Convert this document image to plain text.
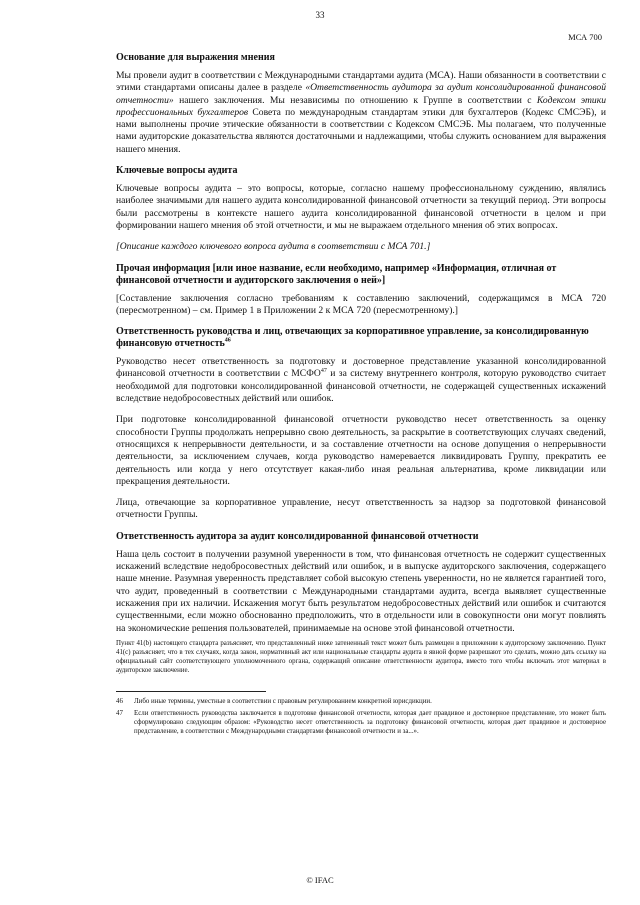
33
МСА 700
Основание для выражения мнения

Мы провели аудит в соответствии с Международными стандартами аудита (МСА). Наши обязанности в соответствии с этими стандартами описаны далее в разделе «Ответственность аудитора за аудит консолидированной финансовой отчетности» нашего заключения. Мы независимы по отношению к Группе в соответствии с Кодексом этики профессиональных бухгалтеров Совета по международным стандартам этики для бухгалтеров (Кодекс СМСЭБ), и нами выполнены прочие этические обязанности в соответствии с Кодексом СМСЭБ. Мы полагаем, что полученные нами аудиторские доказательства являются достаточными и надлежащими, чтобы служить основанием для выражения нашего мнения.

Ключевые вопросы аудита

Ключевые вопросы аудита – это вопросы, которые, согласно нашему профессиональному суждению, являлись наиболее значимыми для нашего аудита консолидированной финансовой отчетности за текущий период. Эти вопросы были рассмотрены в контексте нашего аудита консолидированной финансовой отчетности в целом и при формировании нашего мнения об этой отчетности, и мы не выражаем отдельного мнения об этих вопросах.

[Описание каждого ключевого вопроса аудита в соответствии с МСА 701.]

Прочая информация [или иное название, если необходимо, например «Информация, отличная от финансовой отчетности и аудиторского заключения о ней»]

[Составление заключения согласно требованиям к составлению заключений, содержащимся в МСА 720 (пересмотренном) – см. Пример 1 в Приложении 2 к МСА 720 (пересмотренному).]

Ответственность руководства и лиц, отвечающих за корпоративное управление, за консолидированную финансовую отчетность$^{46}$

Руководство несет ответственность за подготовку и достоверное представление указанной консолидированной финансовой отчетности в соответствии с МСФО$^{47}$ и за систему внутреннего контроля, которую руководство считает необходимой для подготовки консолидированной финансовой отчетности, не содержащей существенных искажений вследствие недобросовестных действий или ошибок.

При подготовке консолидированной финансовой отчетности руководство несет ответственность за оценку способности Группы продолжать непрерывно свою деятельность, за раскрытие в соответствующих случаях сведений, относящихся к непрерывности деятельности, и за составление отчетности на основе допущения о непрерывности деятельности, за исключением случаев, когда руководство намеревается ликвидировать Группу, прекратить ее деятельность или когда у него отсутствует какая-либо иная реальная альтернатива, кроме ликвидации или прекращения деятельности.

Лица, отвечающие за корпоративное управление, несут ответственность за надзор за подготовкой финансовой отчетности Группы.

Ответственность аудитора за аудит консолидированной финансовой отчетности

Наша цель состоит в получении разумной уверенности в том, что финансовая отчетность не содержит существенных искажений вследствие недобросовестных действий или ошибок, и в выпуске аудиторского заключения, содержащего наше мнение. Разумная уверенность представляет собой высокую степень уверенности, но не является гарантией того, что аудит, проведенный в соответствии с Международными стандартами аудита, всегда выявляет существенные искажения при их наличии. Искажения могут быть результатом недобросовестных действий или ошибок и считаются существенными, если можно обоснованно предположить, что в отдельности или в совокупности они могут повлиять на экономические решения пользователей, принимаемые на основе этой финансовой отчетности.

Пункт 41(b) настоящего стандарта разъясняет, что представленный ниже затененный текст может быть размещен в приложении к аудиторскому заключению. Пункт 41(c) разъясняет, что в тех случаях, когда закон, нормативный акт или национальные стандарты аудита в явной форме разрешают это сделать, можно дать ссылку на официальный сайт соответствующего уполномоченного органа, содержащий описание ответственности аудитора, вместо того чтобы включать этот материал в аудиторское заключение.
46	Либо иные термины, уместные в соответствии с правовым регулированием конкретной юрисдикции.
47	Если ответственность руководства заключается в подготовке финансовой отчетности, которая дает правдивое и достоверное представление, это может быть сформулировано следующим образом: «Руководство несет ответственность за подготовку финансовой отчетности, которая дает правдивое и достоверное представление, в соответствии с Международными стандартами финансовой отчетности и за...».
© IFAC
